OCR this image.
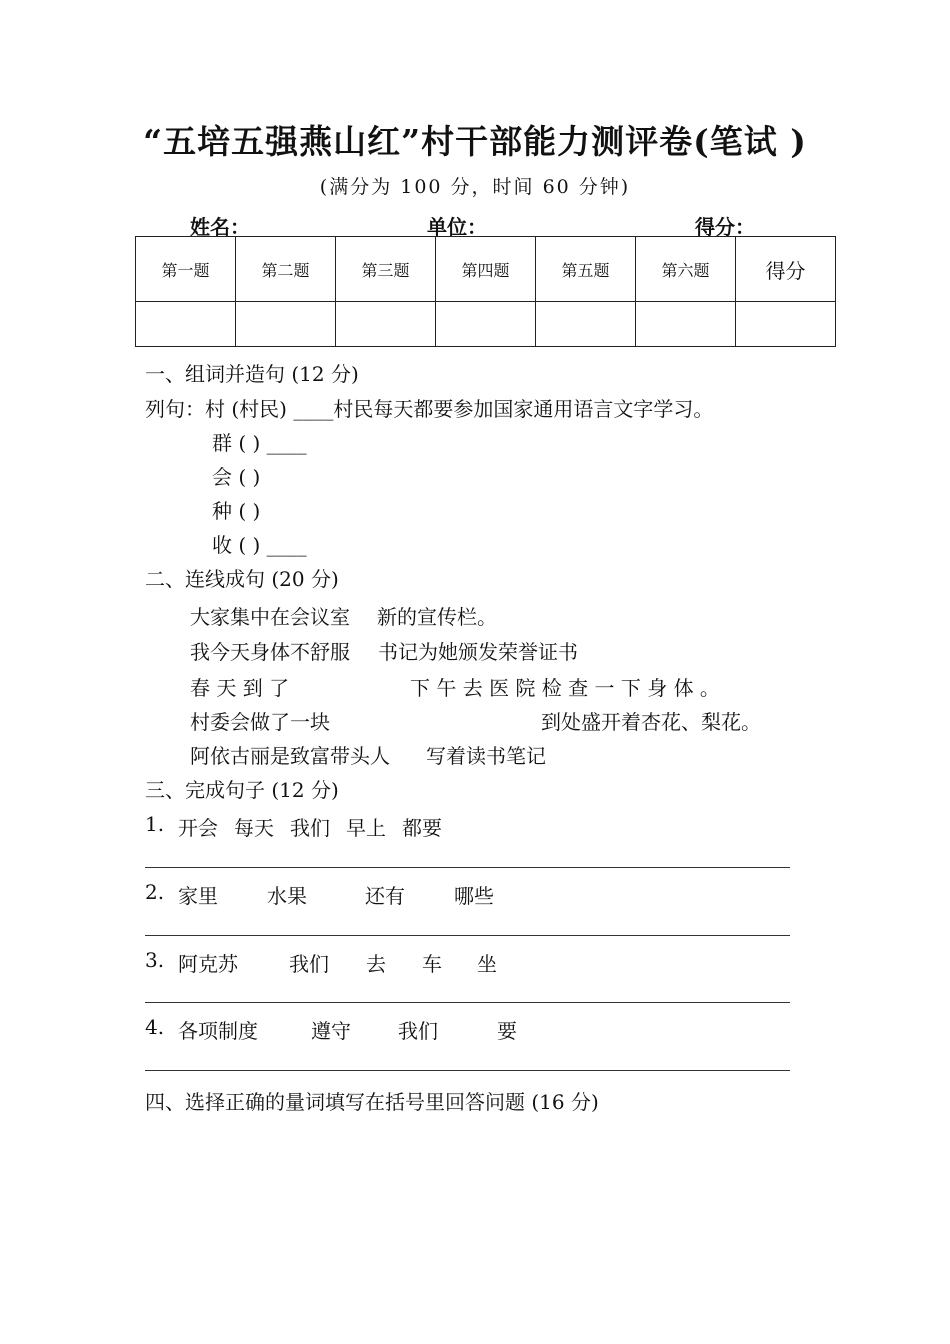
“五培五强燕山红”村干部能力测评卷(笔试 )
(满分为 100 分，时间 60 分钟)
姓名：	单位：	得分：
第一题	第二题	第三题	第四题	第五题	第六题	得分

一、组词并造句 (12 分)
列句：村 (村民) ____村民每天都要参加国家通用语言文字学习。
群 ( ) ____
会 ( )
种 ( )
收 ( ) ____
二、连线成句 (20 分)
大家集中在会议室 新的宣传栏。
我今天身体不舒服 书记为她颁发荣誉证书
春 天 到 了	下 午 去 医 院 检 查 一 下 身 体 。
村委会做了一块	到处盛开着杏花、梨花。
阿依古丽是致富带头人 写着读书笔记
三、完成句子 (12 分)
1. 开会 每天 我们 早上 都要
2. 家里 水果	还有 哪些
3. 阿克苏	我们 去 车 坐
4. 各项制度	遵守 我们	要
四、选择正确的量词填写在括号里回答问题 (16 分)
